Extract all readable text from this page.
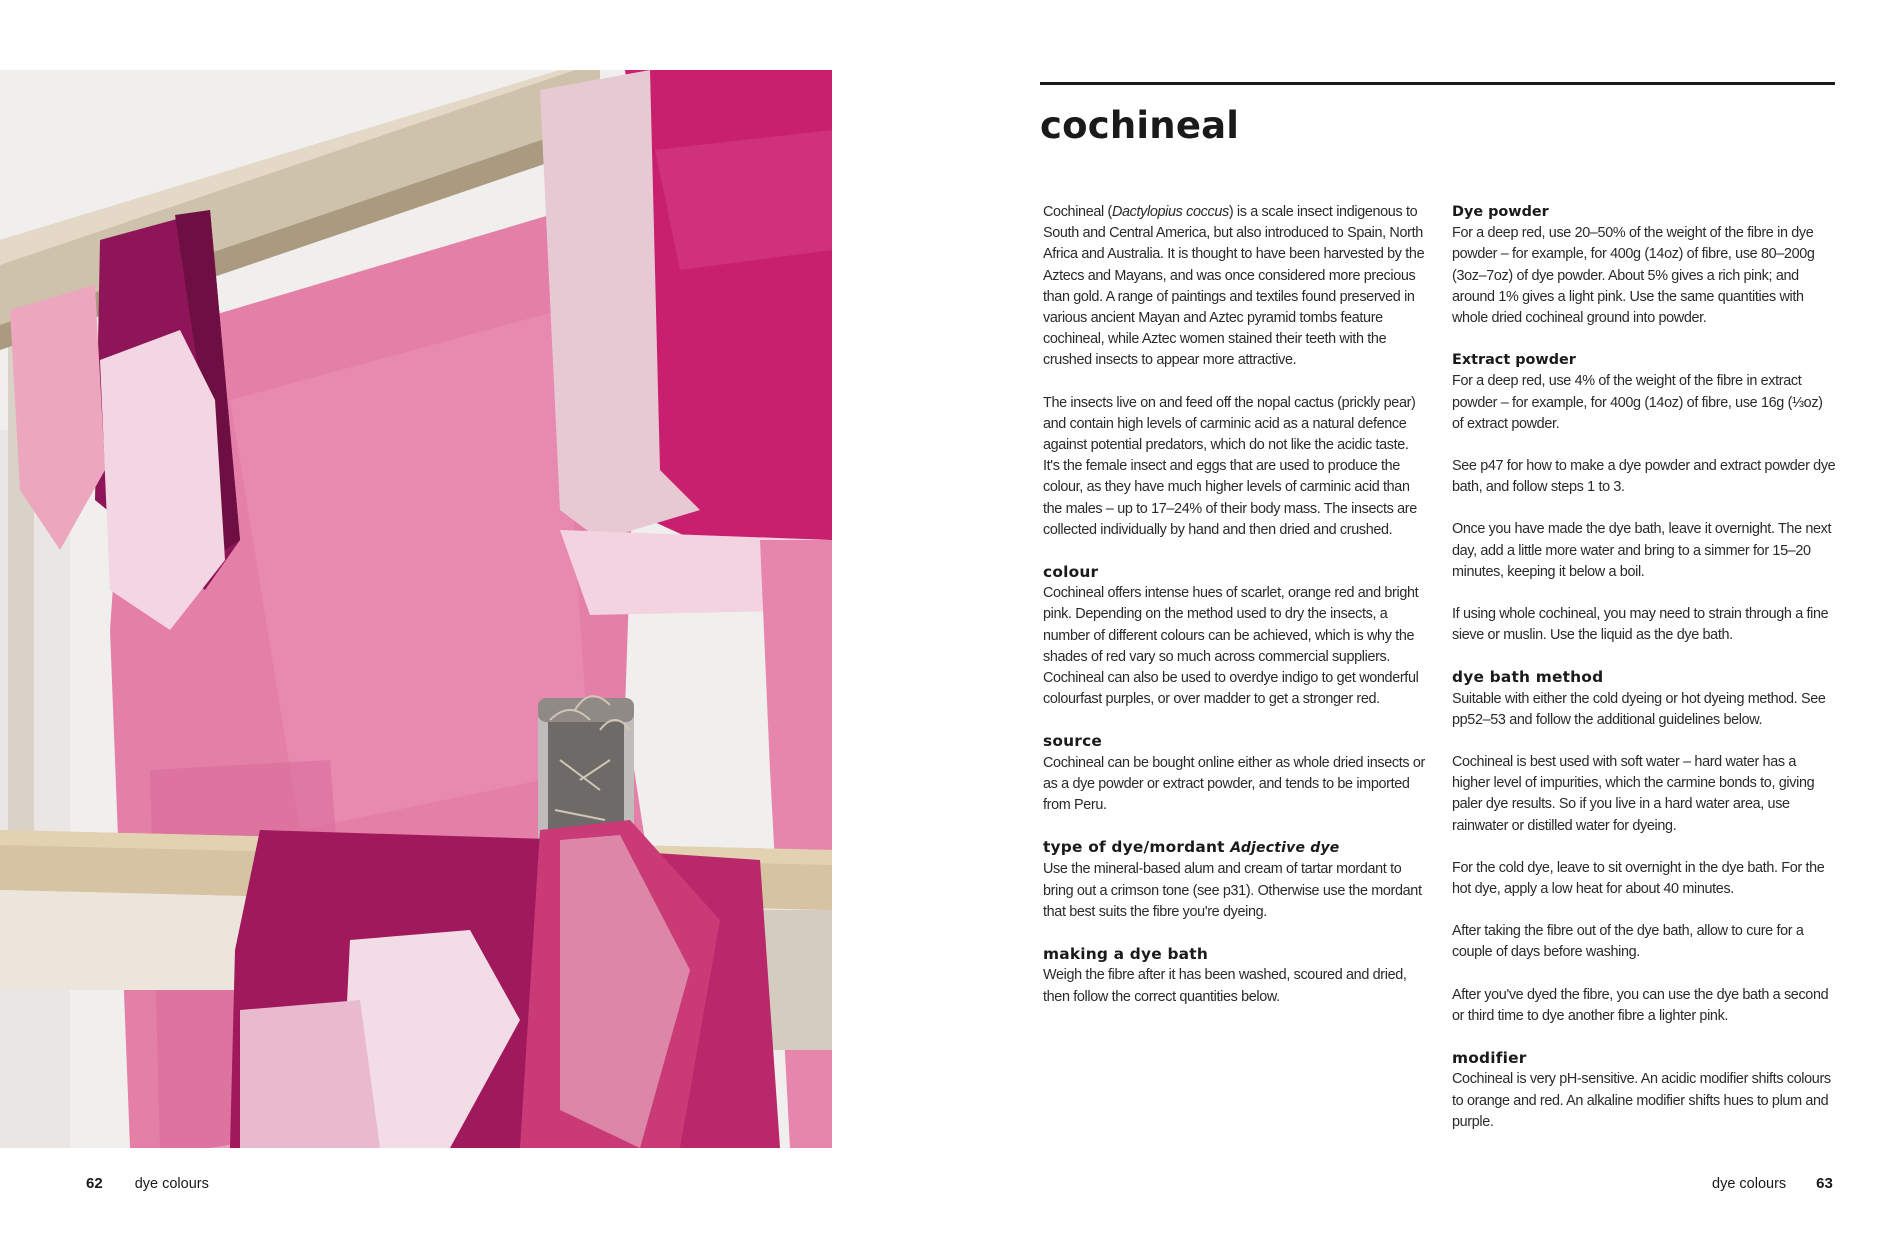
cochineal

Cochineal (Dactylopius coccus) is a scale insect indigenous to South and Central America, but also introduced to Spain, North Africa and Australia. It is thought to have been harvested by the Aztecs and Mayans, and was once considered more precious than gold. A range of paintings and textiles found preserved in various ancient Mayan and Aztec pyramid tombs feature cochineal, while Aztec women stained their teeth with the crushed insects to appear more attractive.

The insects live on and feed off the nopal cactus (prickly pear) and contain high levels of carminic acid as a natural defence against potential predators, which do not like the acidic taste. It's the female insect and eggs that are used to produce the colour, as they have much higher levels of carminic acid than the males – up to 17–24% of their body mass. The insects are collected individually by hand and then dried and crushed.

colour

Cochineal offers intense hues of scarlet, orange red and bright pink. Depending on the method used to dry the insects, a number of different colours can be achieved, which is why the shades of red vary so much across commercial suppliers. Cochineal can also be used to overdye indigo to get wonderful colourfast purples, or over madder to get a stronger red.

source

Cochineal can be bought online either as whole dried insects or as a dye powder or extract powder, and tends to be imported from Peru.

type of dye/mordant Adjective dye

Use the mineral-based alum and cream of tartar mordant to bring out a crimson tone (see p31). Otherwise use the mordant that best suits the fibre you're dyeing.

making a dye bath

Weigh the fibre after it has been washed, scoured and dried, then follow the correct quantities below.

Dye powder

For a deep red, use 20–50% of the weight of the fibre in dye powder – for example, for 400g (14oz) of fibre, use 80–200g (3oz–7oz) of dye powder. About 5% gives a rich pink; and around 1% gives a light pink. Use the same quantities with whole dried cochineal ground into powder.

Extract powder

For a deep red, use 4% of the weight of the fibre in extract powder – for example, for 400g (14oz) of fibre, use 16g (⅓oz) of extract powder.

See p47 for how to make a dye powder and extract powder dye bath, and follow steps 1 to 3.

Once you have made the dye bath, leave it overnight. The next day, add a little more water and bring to a simmer for 15–20 minutes, keeping it below a boil.

If using whole cochineal, you may need to strain through a fine sieve or muslin. Use the liquid as the dye bath.

dye bath method

Suitable with either the cold dyeing or hot dyeing method. See pp52–53 and follow the additional guidelines below.

Cochineal is best used with soft water – hard water has a higher level of impurities, which the carmine bonds to, giving paler dye results. So if you live in a hard water area, use rainwater or distilled water for dyeing.

For the cold dye, leave to sit overnight in the dye bath. For the hot dye, apply a low heat for about 40 minutes.

After taking the fibre out of the dye bath, allow to cure for a couple of days before washing.

After you've dyed the fibre, you can use the dye bath a second or third time to dye another fibre a lighter pink.

modifier

Cochineal is very pH-sensitive. An acidic modifier shifts colours to orange and red. An alkaline modifier shifts hues to plum and purple.

62 dye colours	dye colours 63
